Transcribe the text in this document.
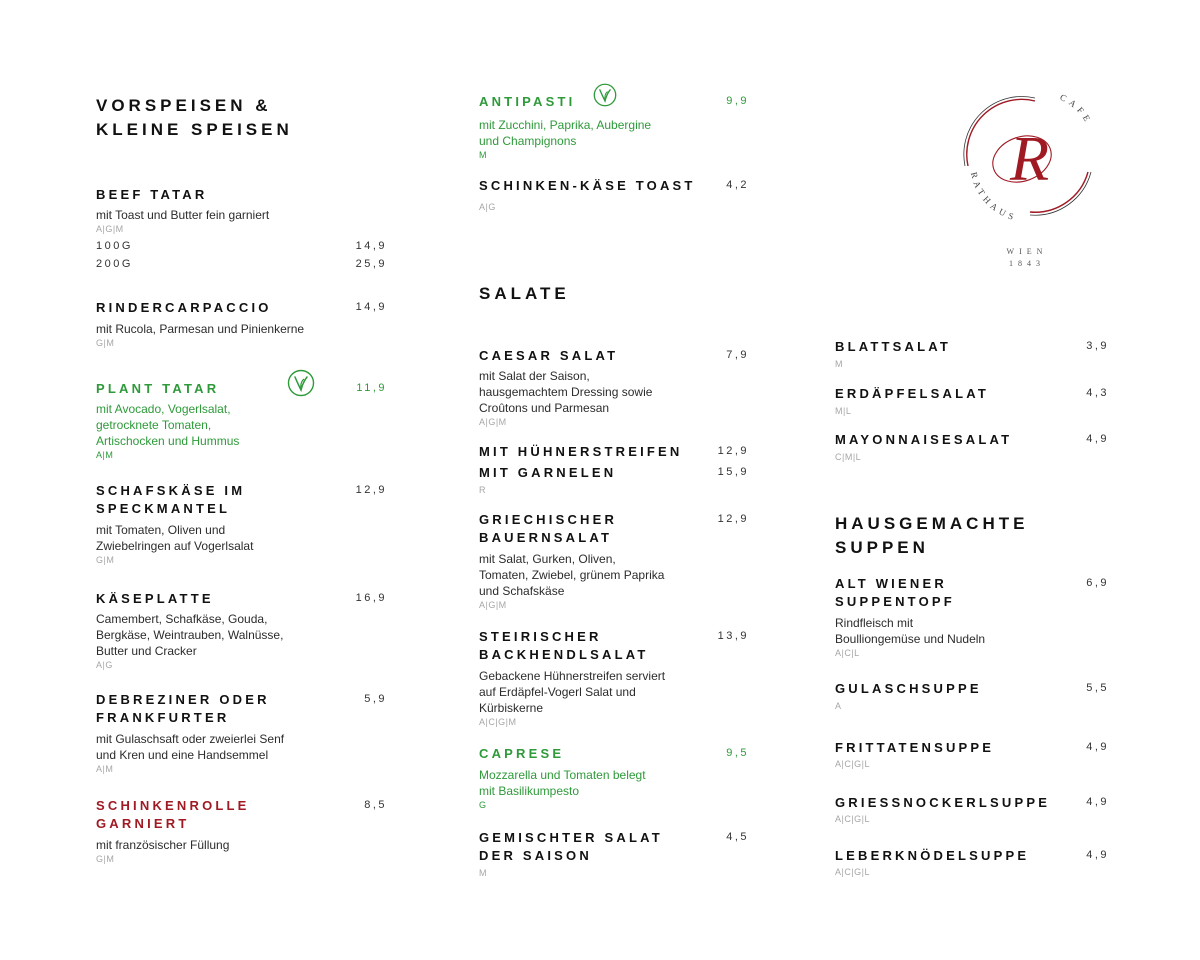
VORSPEISEN &
KLEINE SPEISEN
BEEF TATAR
mit Toast und Butter fein garniert
A|G|M
100G	14,9
200G	25,9
RINDERCARPACCIO	14,9
mit Rucola, Parmesan und Pinienkerne
G|M
PLANT TATAR	11,9
mit Avocado, Vogerlsalat,
getrocknete Tomaten,
Artischocken und Hummus
A|M
SCHAFSKÄSE IM
SPECKMANTEL
12,9
mit Tomaten, Oliven und
Zwiebelringen auf Vogerlsalat
G|M
KÄSEPLATTE	16,9
Camembert, Schafkäse, Gouda,
Bergkäse, Weintrauben, Walnüsse,
Butter und Cracker
A|G
DEBREZINER ODER
FRANKFURTER
5,9
mit Gulaschsaft oder zweierlei Senf
und Kren und eine Handsemmel
A|M
SCHINKENROLLE
GARNIERT
8,5
mit französischer Füllung
G|M
ANTIPASTI	9,9
mit Zucchini, Paprika, Aubergine
und Champignons
M
SCHINKEN-KÄSE TOAST	4,2
A|G
SALATE
CAESAR SALAT	7,9
mit Salat der Saison,
hausgemachtem Dressing sowie
Croûtons und Parmesan
A|G|M
MIT HÜHNERSTREIFEN	12,9
MIT GARNELEN	15,9
R
GRIECHISCHER
BAUERNSALAT
12,9
mit Salat, Gurken, Oliven,
Tomaten, Zwiebel, grünem Paprika
und Schafskäse
A|G|M
STEIRISCHER
BACKHENDLSALAT
13,9
Gebackene Hühnerstreifen serviert
auf Erdäpfel-Vogerl Salat und
Kürbiskerne
A|C|G|M
CAPRESE	9,5
Mozzarella und Tomaten belegt
mit Basilikumpesto
G
GEMISCHTER SALAT
DER SAISON
4,5
M
R
CAFE
RATHAUS
WIEN
1843
BLATTSALAT	3,9
M
ERDÄPFELSALAT	4,3
M|L
MAYONNAISESALAT	4,9
C|M|L
HAUSGEMACHTE
SUPPEN
ALT WIENER
SUPPENTOPF
6,9
Rindfleisch mit
Boulliongemüse und Nudeln
A|C|L
GULASCHSUPPE	5,5
A
FRITTATENSUPPE	4,9
A|C|G|L
GRIESSNOCKERLSUPPE	4,9
A|C|G|L
LEBERKNÖDELSUPPE	4,9
A|C|G|L
